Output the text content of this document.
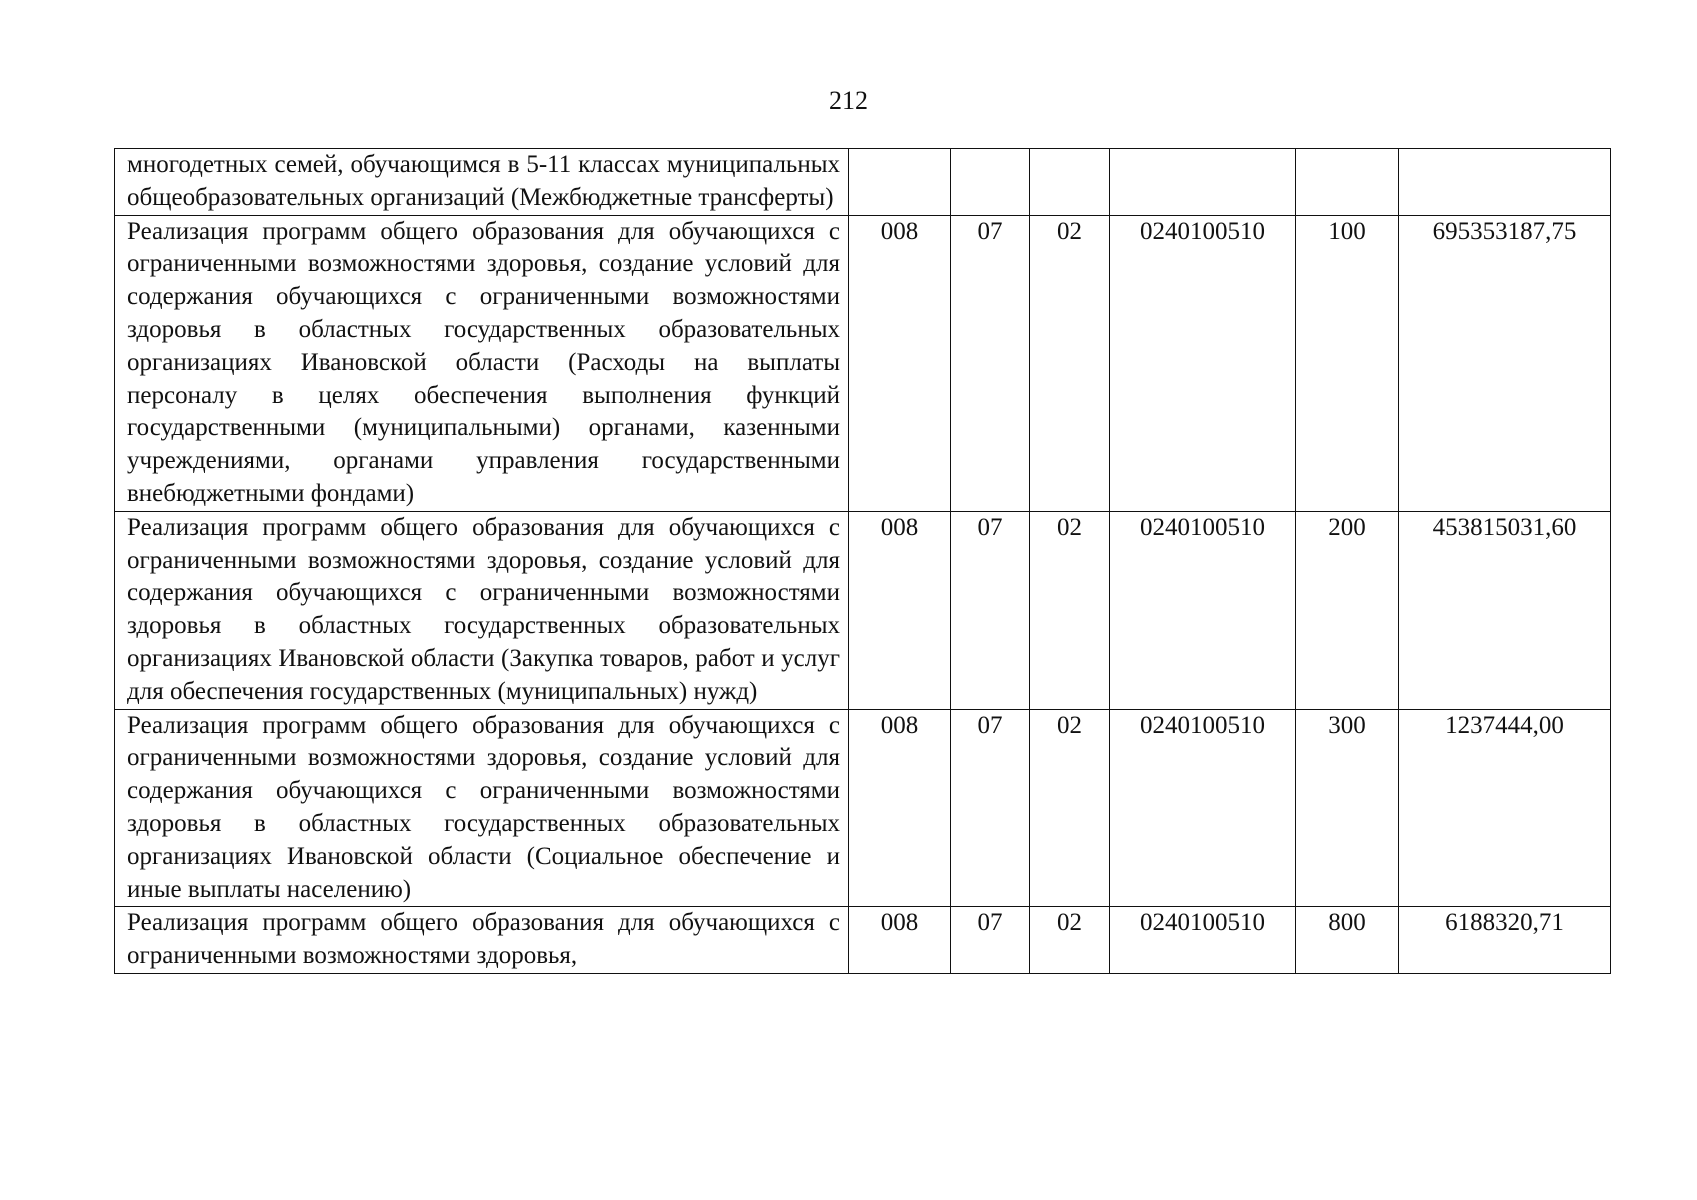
212
многодетных семей, обучающимся в 5-11 классах муниципальных общеобразовательных организаций (Межбюджетные трансферты)						
Реализация программ общего образования для обучающихся с ограниченными возможностями здоровья, создание условий для содержания обучающихся с ограниченными возможностями здоровья в областных государственных образовательных организациях Ивановской области (Расходы на выплаты персоналу в целях обеспечения выполнения функций государственными (муниципальными) органами, казенными учреждениями, органами управления государственными внебюджетными фондами)	008	07	02	0240100510	100	695353187,75
Реализация программ общего образования для обучающихся с ограниченными возможностями здоровья, создание условий для содержания обучающихся с ограниченными возможностями здоровья в областных государственных образовательных организациях Ивановской области (Закупка товаров, работ и услуг для обеспечения государственных (муниципальных) нужд)	008	07	02	0240100510	200	453815031,60
Реализация программ общего образования для обучающихся с ограниченными возможностями здоровья, создание условий для содержания обучающихся с ограниченными возможностями здоровья в областных государственных образовательных организациях Ивановской области (Социальное обеспечение и иные выплаты населению)	008	07	02	0240100510	300	1237444,00
Реализация программ общего образования для обучающихся с ограниченными возможностями здоровья,	008	07	02	0240100510	800	6188320,71
